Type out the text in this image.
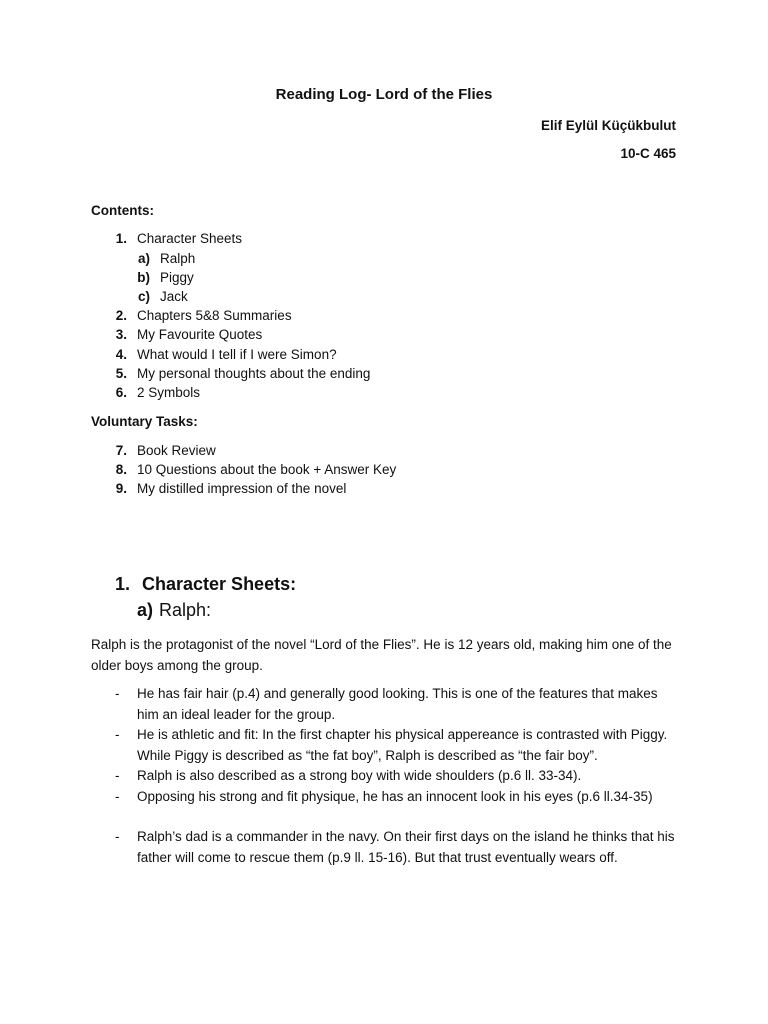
Reading Log- Lord of the Flies
Elif Eylül Küçükbulut
10-C 465
Contents:
1. Character Sheets
a) Ralph
b) Piggy
c) Jack
2. Chapters 5&8 Summaries
3. My Favourite Quotes
4. What would I tell if I were Simon?
5. My personal thoughts about the ending
6. 2 Symbols
Voluntary Tasks:
7. Book Review
8. 10 Questions about the book + Answer Key
9. My distilled impression of the novel
1. Character Sheets:
a) Ralph:
Ralph is the protagonist of the novel “Lord of the Flies”. He is 12 years old, making him one of the older boys among the group.
- He has fair hair (p.4) and generally good looking. This is one of the features that makes him an ideal leader for the group.
- He is athletic and fit: In the first chapter his physical appereance is contrasted with Piggy. While Piggy is described as “the fat boy”, Ralph is described as “the fair boy”.
- Ralph is also described as a strong boy with wide shoulders (p.6 ll. 33-34).
- Opposing his strong and fit physique, he has an innocent look in his eyes (p.6 ll.34-35)
- Ralph’s dad is a commander in the navy. On their first days on the island he thinks that his father will come to rescue them (p.9 ll. 15-16). But that trust eventually wears off.
